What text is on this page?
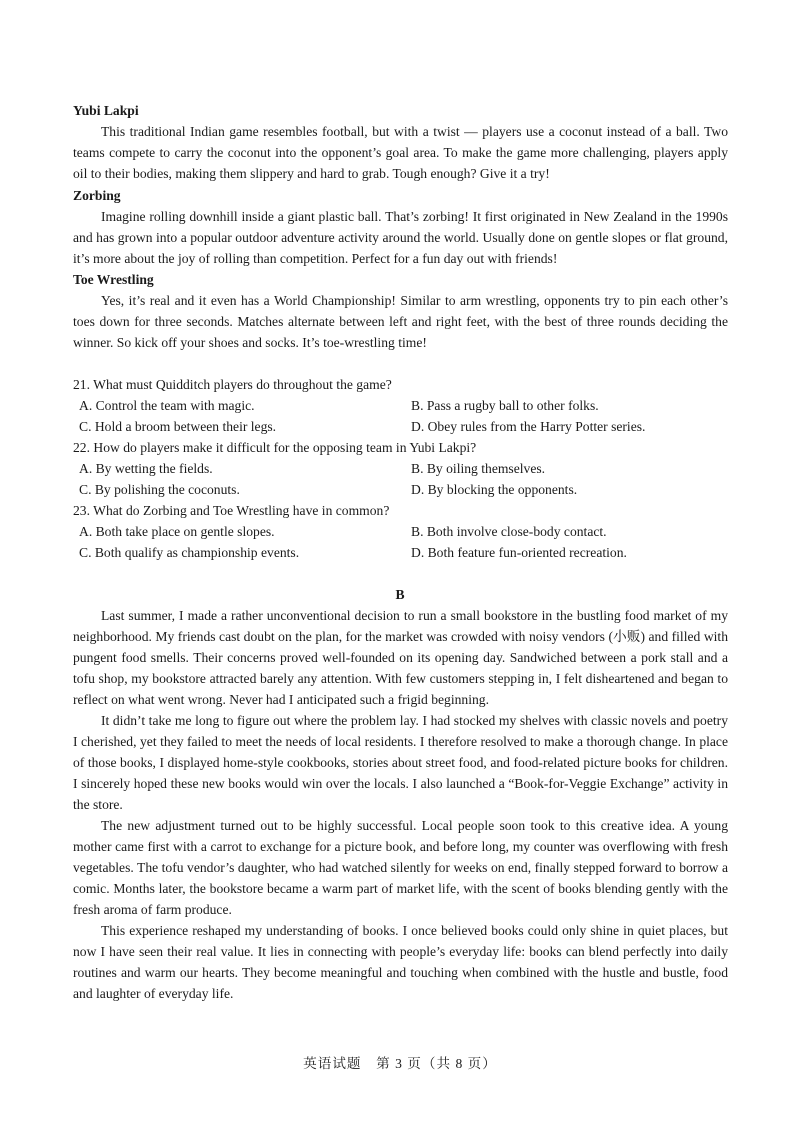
Yubi Lakpi

This traditional Indian game resembles football, but with a twist — players use a coconut instead of a ball. Two teams compete to carry the coconut into the opponent’s goal area. To make the game more challenging, players apply oil to their bodies, making them slippery and hard to grab. Tough enough? Give it a try!

Zorbing

Imagine rolling downhill inside a giant plastic ball. That’s zorbing! It first originated in New Zealand in the 1990s and has grown into a popular outdoor adventure activity around the world. Usually done on gentle slopes or flat ground, it’s more about the joy of rolling than competition. Perfect for a fun day out with friends!

Toe Wrestling

Yes, it’s real and it even has a World Championship! Similar to arm wrestling, opponents try to pin each other’s toes down for three seconds. Matches alternate between left and right feet, with the best of three rounds deciding the winner. So kick off your shoes and socks. It’s toe-wrestling time!

21. What must Quidditch players do throughout the game?
A. Control the team with magic.	B. Pass a rugby ball to other folks.
C. Hold a broom between their legs.	D. Obey rules from the Harry Potter series.
22. How do players make it difficult for the opposing team in Yubi Lakpi?
A. By wetting the fields.	B. By oiling themselves.
C. By polishing the coconuts.	D. By blocking the opponents.
23. What do Zorbing and Toe Wrestling have in common?
A. Both take place on gentle slopes.	B. Both involve close-body contact.
C. Both qualify as championship events.	D. Both feature fun-oriented recreation.
B

Last summer, I made a rather unconventional decision to run a small bookstore in the bustling food market of my neighborhood. My friends cast doubt on the plan, for the market was crowded with noisy vendors (小贩) and filled with pungent food smells. Their concerns proved well-founded on its opening day. Sandwiched between a pork stall and a tofu shop, my bookstore attracted barely any attention. With few customers stepping in, I felt disheartened and began to reflect on what went wrong. Never had I anticipated such a frigid beginning.

It didn’t take me long to figure out where the problem lay. I had stocked my shelves with classic novels and poetry I cherished, yet they failed to meet the needs of local residents. I therefore resolved to make a thorough change. In place of those books, I displayed home-style cookbooks, stories about street food, and food-related picture books for children. I sincerely hoped these new books would win over the locals. I also launched a “Book-for-Veggie Exchange” activity in the store.

The new adjustment turned out to be highly successful. Local people soon took to this creative idea. A young mother came first with a carrot to exchange for a picture book, and before long, my counter was overflowing with fresh vegetables. The tofu vendor’s daughter, who had watched silently for weeks on end, finally stepped forward to borrow a comic. Months later, the bookstore became a warm part of market life, with the scent of books blending gently with the fresh aroma of farm produce.

This experience reshaped my understanding of books. I once believed books could only shine in quiet places, but now I have seen their real value. It lies in connecting with people’s everyday life: books can blend perfectly into daily routines and warm our hearts. They become meaningful and touching when combined with the hustle and bustle, food and laughter of everyday life.

英语试题　第 3 页（共 8 页）
